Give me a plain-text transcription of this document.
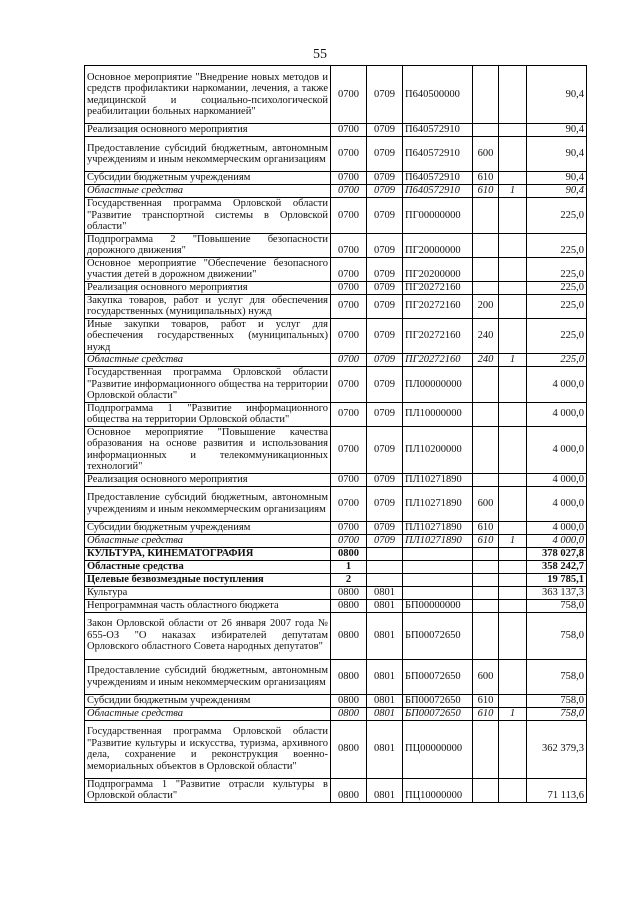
55
Основное мероприятие "Внедрение новых методов и средств профилактики наркомании, лечения, а также медицинской и социально-психологической реабилитации больных наркоманией"	0700	0709	П640500000			90,4
Реализация основного мероприятия	0700	0709	П640572910			90,4
Предоставление субсидий бюджетным, автономным учреждениям и иным некоммерческим организациям	0700	0709	П640572910	600		90,4
Субсидии бюджетным учреждениям	0700	0709	П640572910	610		90,4
Областные средства	0700	0709	П640572910	610	1	90,4
Государственная программа Орловской области "Развитие транспортной системы в Орловской области"	0700	0709	ПГ00000000			225,0
Подпрограмма 2 "Повышение безопасности дорожного движения"	0700	0709	ПГ20000000			225,0
Основное мероприятие "Обеспечение безопасного участия детей в дорожном движении"	0700	0709	ПГ20200000			225,0
Реализация основного мероприятия	0700	0709	ПГ20272160			225,0
Закупка товаров, работ и услуг для обеспечения государственных (муниципальных) нужд	0700	0709	ПГ20272160	200		225,0
Иные закупки товаров, работ и услуг для обеспечения государственных (муниципальных) нужд	0700	0709	ПГ20272160	240		225,0
Областные средства	0700	0709	ПГ20272160	240	1	225,0
Государственная программа Орловской области "Развитие информационного общества на территории Орловской области"	0700	0709	ПЛ00000000			4 000,0
Подпрограмма 1 "Развитие информационного общества на территории Орловской области"	0700	0709	ПЛ10000000			4 000,0
Основное мероприятие "Повышение качества образования на основе развития и использования информационных и телекоммуникационных технологий"	0700	0709	ПЛ10200000			4 000,0
Реализация основного мероприятия	0700	0709	ПЛ10271890			4 000,0
Предоставление субсидий бюджетным, автономным учреждениям и иным некоммерческим организациям	0700	0709	ПЛ10271890	600		4 000,0
Субсидии бюджетным учреждениям	0700	0709	ПЛ10271890	610		4 000,0
Областные средства	0700	0709	ПЛ10271890	610	1	4 000,0
КУЛЬТУРА, КИНЕМАТОГРАФИЯ	0800					378 027,8
Областные средства	1					358 242,7
Целевые безвозмездные поступления	2					19 785,1
Культура	0800	0801				363 137,3
Непрограммная часть областного бюджета	0800	0801	БП00000000			758,0
Закон Орловской области от 26 января 2007 года № 655-ОЗ "О наказах избирателей депутатам Орловского областного Совета народных депутатов"	0800	0801	БП00072650			758,0
Предоставление субсидий бюджетным, автономным учреждениям и иным некоммерческим организациям	0800	0801	БП00072650	600		758,0
Субсидии бюджетным учреждениям	0800	0801	БП00072650	610		758,0
Областные средства	0800	0801	БП00072650	610	1	758,0
Государственная программа Орловской области "Развитие культуры и искусства, туризма, архивного дела, сохранение и реконструкция военно-мемориальных объектов в Орловской области"	0800	0801	ПЦ00000000			362 379,3
Подпрограмма 1 "Развитие отрасли культуры в Орловской области"	0800	0801	ПЦ10000000			71 113,6
